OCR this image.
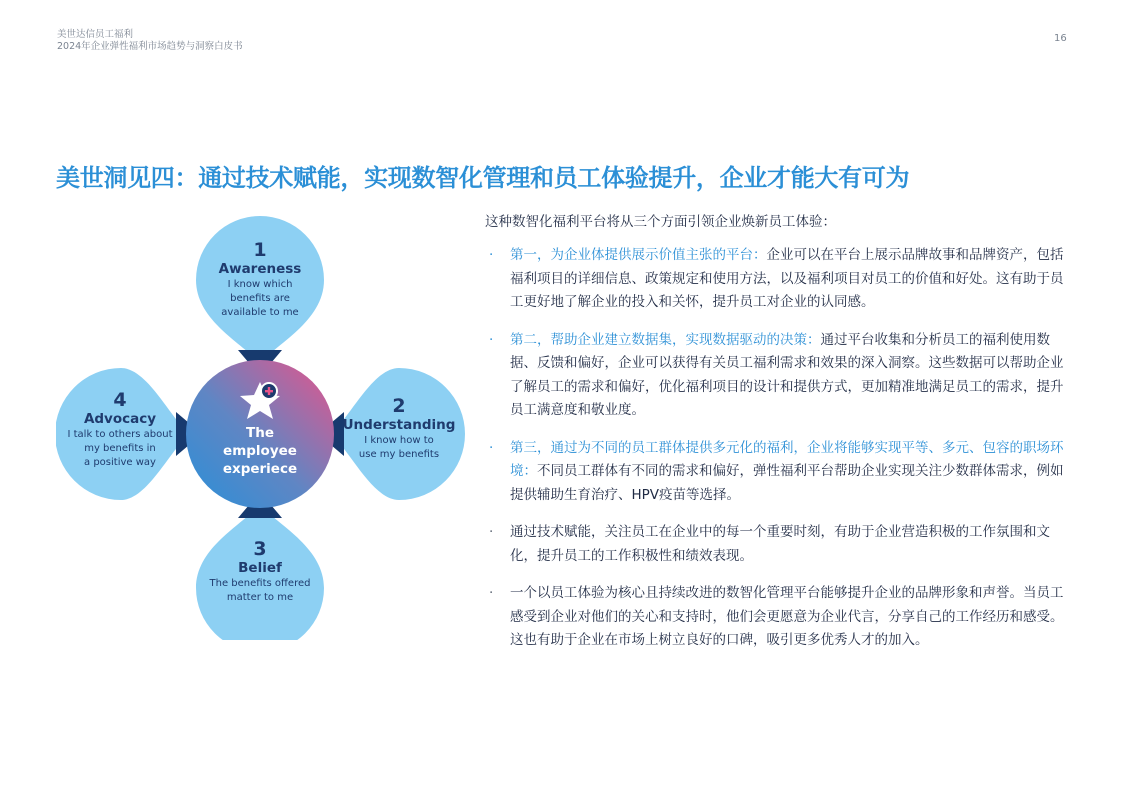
美世达信员工福利
2024年企业弹性福利市场趋势与洞察白皮书
16
美世洞见四：通过技术赋能，实现数智化管理和员工体验提升，企业才能大有可为
1
Awareness
I know which
benefits are
available to me
2
Understanding
I know how to
use my benefits
3
Belief
The benefits offered
matter to me
4
Advocacy
I talk to others about
my benefits in
a positive way
The
employee
experiece

这种数智化福利平台将从三个方面引领企业焕新员工体验：

· 第一，为企业体提供展示价值主张的平台：企业可以在平台上展示品牌故事和品牌资产，包括福利项目的详细信息、政策规定和使用方法，以及福利项目对员工的价值和好处。这有助于员工更好地了解企业的投入和关怀，提升员工对企业的认同感。
· 第二，帮助企业建立数据集，实现数据驱动的决策：通过平台收集和分析员工的福利使用数据、反馈和偏好，企业可以获得有关员工福利需求和效果的深入洞察。这些数据可以帮助企业了解员工的需求和偏好，优化福利项目的设计和提供方式，更加精准地满足员工的需求，提升员工满意度和敬业度。
· 第三，通过为不同的员工群体提供多元化的福利，企业将能够实现平等、多元、包容的职场环境：不同员工群体有不同的需求和偏好，弹性福利平台帮助企业实现关注少数群体需求，例如提供辅助生育治疗、HPV疫苗等选择。
· 通过技术赋能，关注员工在企业中的每一个重要时刻，有助于企业营造积极的工作氛围和文化，提升员工的工作积极性和绩效表现。
· 一个以员工体验为核心且持续改进的数智化管理平台能够提升企业的品牌形象和声誉。当员工感受到企业对他们的关心和支持时，他们会更愿意为企业代言，分享自己的工作经历和感受。这也有助于企业在市场上树立良好的口碑，吸引更多优秀人才的加入。
